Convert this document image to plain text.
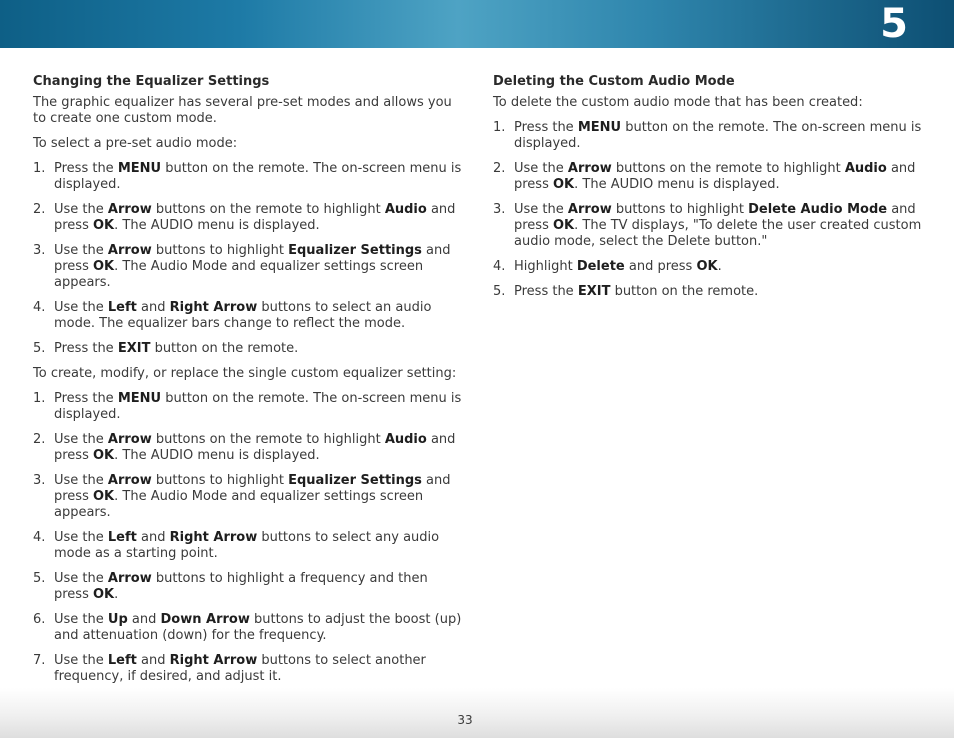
5
Changing the Equalizer Settings

The graphic equalizer has several pre-set modes and allows you to create one custom mode.

To select a pre-set audio mode:

1. Press the MENU button on the remote. The on-screen menu is displayed.
2. Use the Arrow buttons on the remote to highlight Audio and press OK. The AUDIO menu is displayed.
3. Use the Arrow buttons to highlight Equalizer Settings and press OK. The Audio Mode and equalizer settings screen appears.
4. Use the Left and Right Arrow buttons to select an audio mode. The equalizer bars change to reflect the mode.
5. Press the EXIT button on the remote.

To create, modify, or replace the single custom equalizer setting:

1. Press the MENU button on the remote. The on-screen menu is displayed.
2. Use the Arrow buttons on the remote to highlight Audio and press OK. The AUDIO menu is displayed.
3. Use the Arrow buttons to highlight Equalizer Settings and press OK. The Audio Mode and equalizer settings screen appears.
4. Use the Left and Right Arrow buttons to select any audio mode as a starting point.
5. Use the Arrow buttons to highlight a frequency and then press OK.
6. Use the Up and Down Arrow buttons to adjust the boost (up) and attenuation (down) for the frequency.
7. Use the Left and Right Arrow buttons to select another frequency, if desired, and adjust it.
Deleting the Custom Audio Mode

To delete the custom audio mode that has been created:

1. Press the MENU button on the remote. The on-screen menu is displayed.
2. Use the Arrow buttons on the remote to highlight Audio and press OK. The AUDIO menu is displayed.
3. Use the Arrow buttons to highlight Delete Audio Mode and press OK. The TV displays, "To delete the user created custom audio mode, select the Delete button."
4. Highlight Delete and press OK.
5. Press the EXIT button on the remote.
33
